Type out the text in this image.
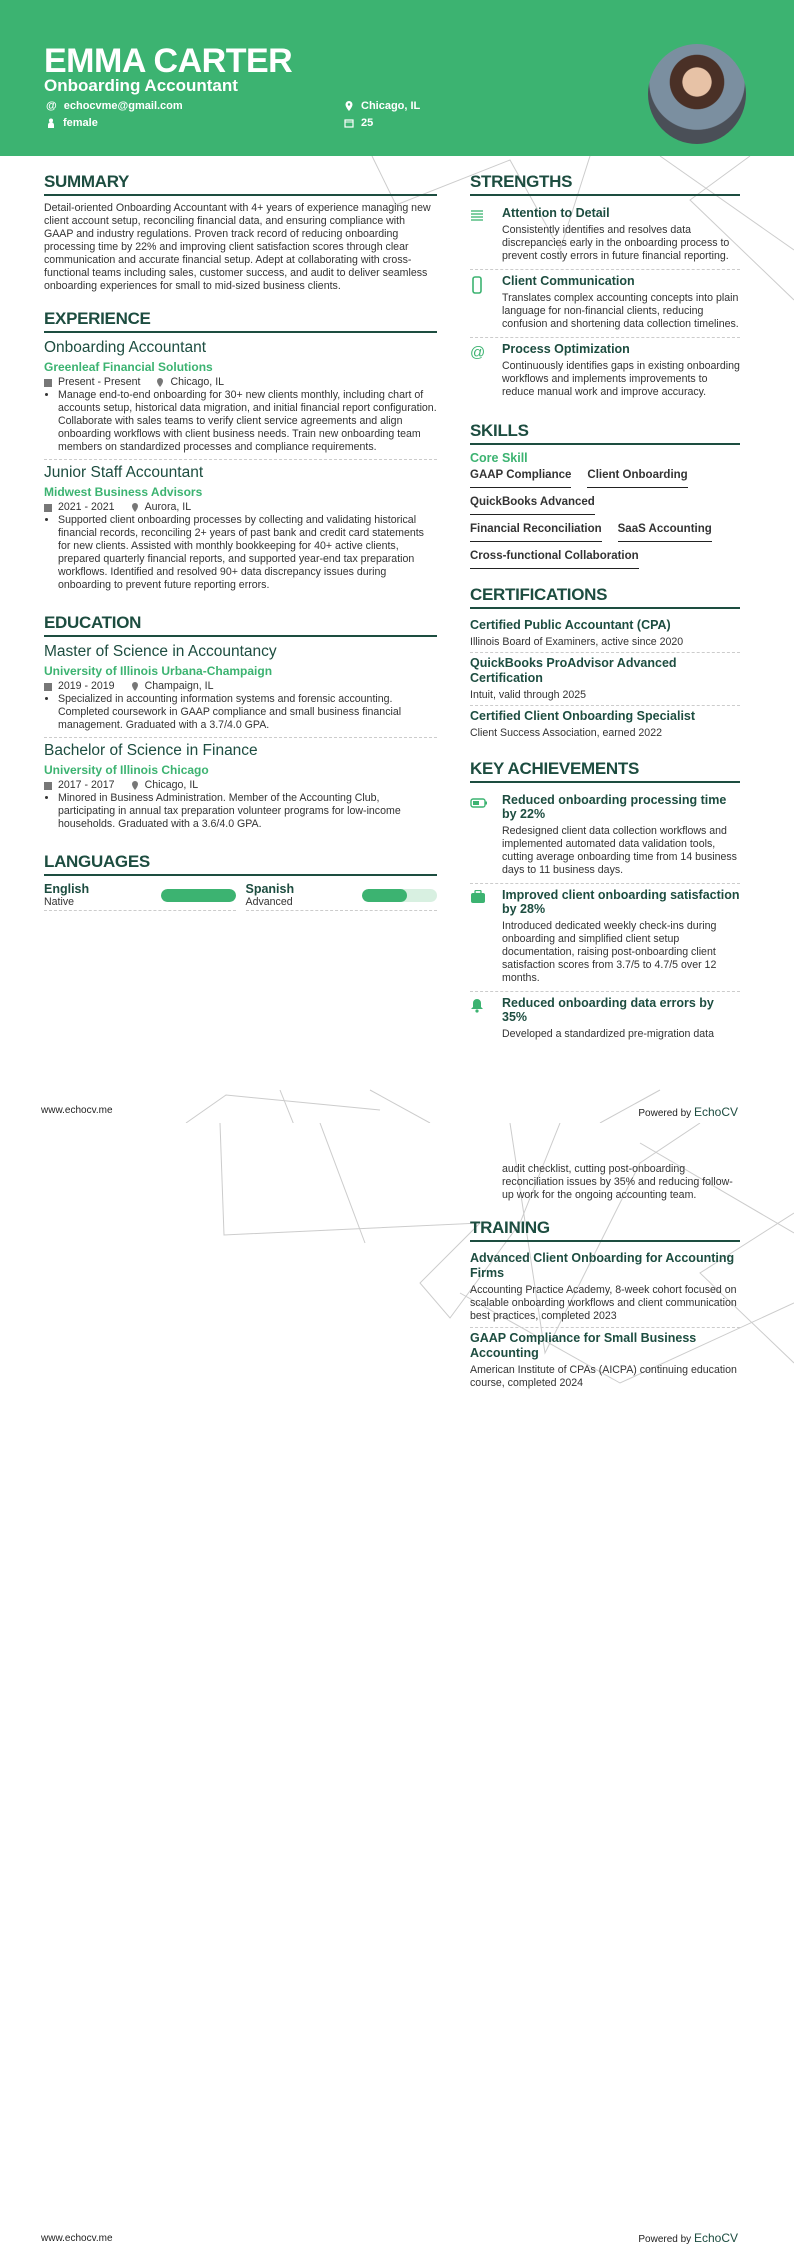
EMMA CARTER
Onboarding Accountant
@ echocvme@gmail.com
female
Chicago, IL
25
SUMMARY

Detail-oriented Onboarding Accountant with 4+ years of experience managing new client account setup, reconciling financial data, and ensuring compliance with GAAP and industry regulations. Proven track record of reducing onboarding processing time by 22% and improving client satisfaction scores through clear communication and accurate financial setup. Adept at collaborating with cross-functional teams including sales, customer success, and audit to deliver seamless onboarding experiences for small to mid-sized business clients.

EXPERIENCE
Onboarding Accountant
Greenleaf Financial Solutions
Present - Present	Chicago, IL
• Manage end-to-end onboarding for 30+ new clients monthly, including chart of accounts setup, historical data migration, and initial financial report configuration. Collaborate with sales teams to verify client service agreements and align onboarding workflows with client business needs. Train new onboarding team members on standardized processes and compliance requirements.
Junior Staff Accountant
Midwest Business Advisors
2021 - 2021	Aurora, IL
• Supported client onboarding processes by collecting and validating historical financial records, reconciling 2+ years of past bank and credit card statements for new clients. Assisted with monthly bookkeeping for 40+ active clients, prepared quarterly financial reports, and supported year-end tax preparation workflows. Identified and resolved 90+ data discrepancy issues during onboarding to prevent future reporting errors.
EDUCATION
Master of Science in Accountancy
University of Illinois Urbana-Champaign
2019 - 2019	Champaign, IL
• Specialized in accounting information systems and forensic accounting. Completed coursework in GAAP compliance and small business financial management. Graduated with a 3.7/4.0 GPA.
Bachelor of Science in Finance
University of Illinois Chicago
2017 - 2017	Chicago, IL
• Minored in Business Administration. Member of the Accounting Club, participating in annual tax preparation volunteer programs for low-income households. Graduated with a 3.6/4.0 GPA.
LANGUAGES
English
Native
Spanish
Advanced
STRENGTHS
Attention to Detail
Consistently identifies and resolves data discrepancies early in the onboarding process to prevent costly errors in future financial reporting.
Client Communication
Translates complex accounting concepts into plain language for non-financial clients, reducing confusion and shortening data collection timelines.
@ Process Optimization
Continuously identifies gaps in existing onboarding workflows and implements improvements to reduce manual work and improve accuracy.
SKILLS
Core Skill
GAAP Compliance Client Onboarding
QuickBooks Advanced
Financial Reconciliation SaaS Accounting
Cross-functional Collaboration
CERTIFICATIONS
Certified Public Accountant (CPA)
Illinois Board of Examiners, active since 2020
QuickBooks ProAdvisor Advanced Certification
Intuit, valid through 2025
Certified Client Onboarding Specialist
Client Success Association, earned 2022
KEY ACHIEVEMENTS
Reduced onboarding processing time by 22%
Redesigned client data collection workflows and implemented automated data validation tools, cutting average onboarding time from 14 business days to 11 business days.
Improved client onboarding satisfaction by 28%
Introduced dedicated weekly check-ins during onboarding and simplified client setup documentation, raising post-onboarding client satisfaction scores from 3.7/5 to 4.7/5 over 12 months.
Reduced onboarding data errors by 35%
Developed a standardized pre-migration data
www.echocv.me	Powered by EchoCV
audit checklist, cutting post-onboarding reconciliation issues by 35% and reducing follow-up work for the ongoing accounting team.
TRAINING
Advanced Client Onboarding for Accounting Firms
Accounting Practice Academy, 8-week cohort focused on scalable onboarding workflows and client communication best practices, completed 2023
GAAP Compliance for Small Business Accounting
American Institute of CPAs (AICPA) continuing education course, completed 2024
www.echocv.me	Powered by EchoCV
